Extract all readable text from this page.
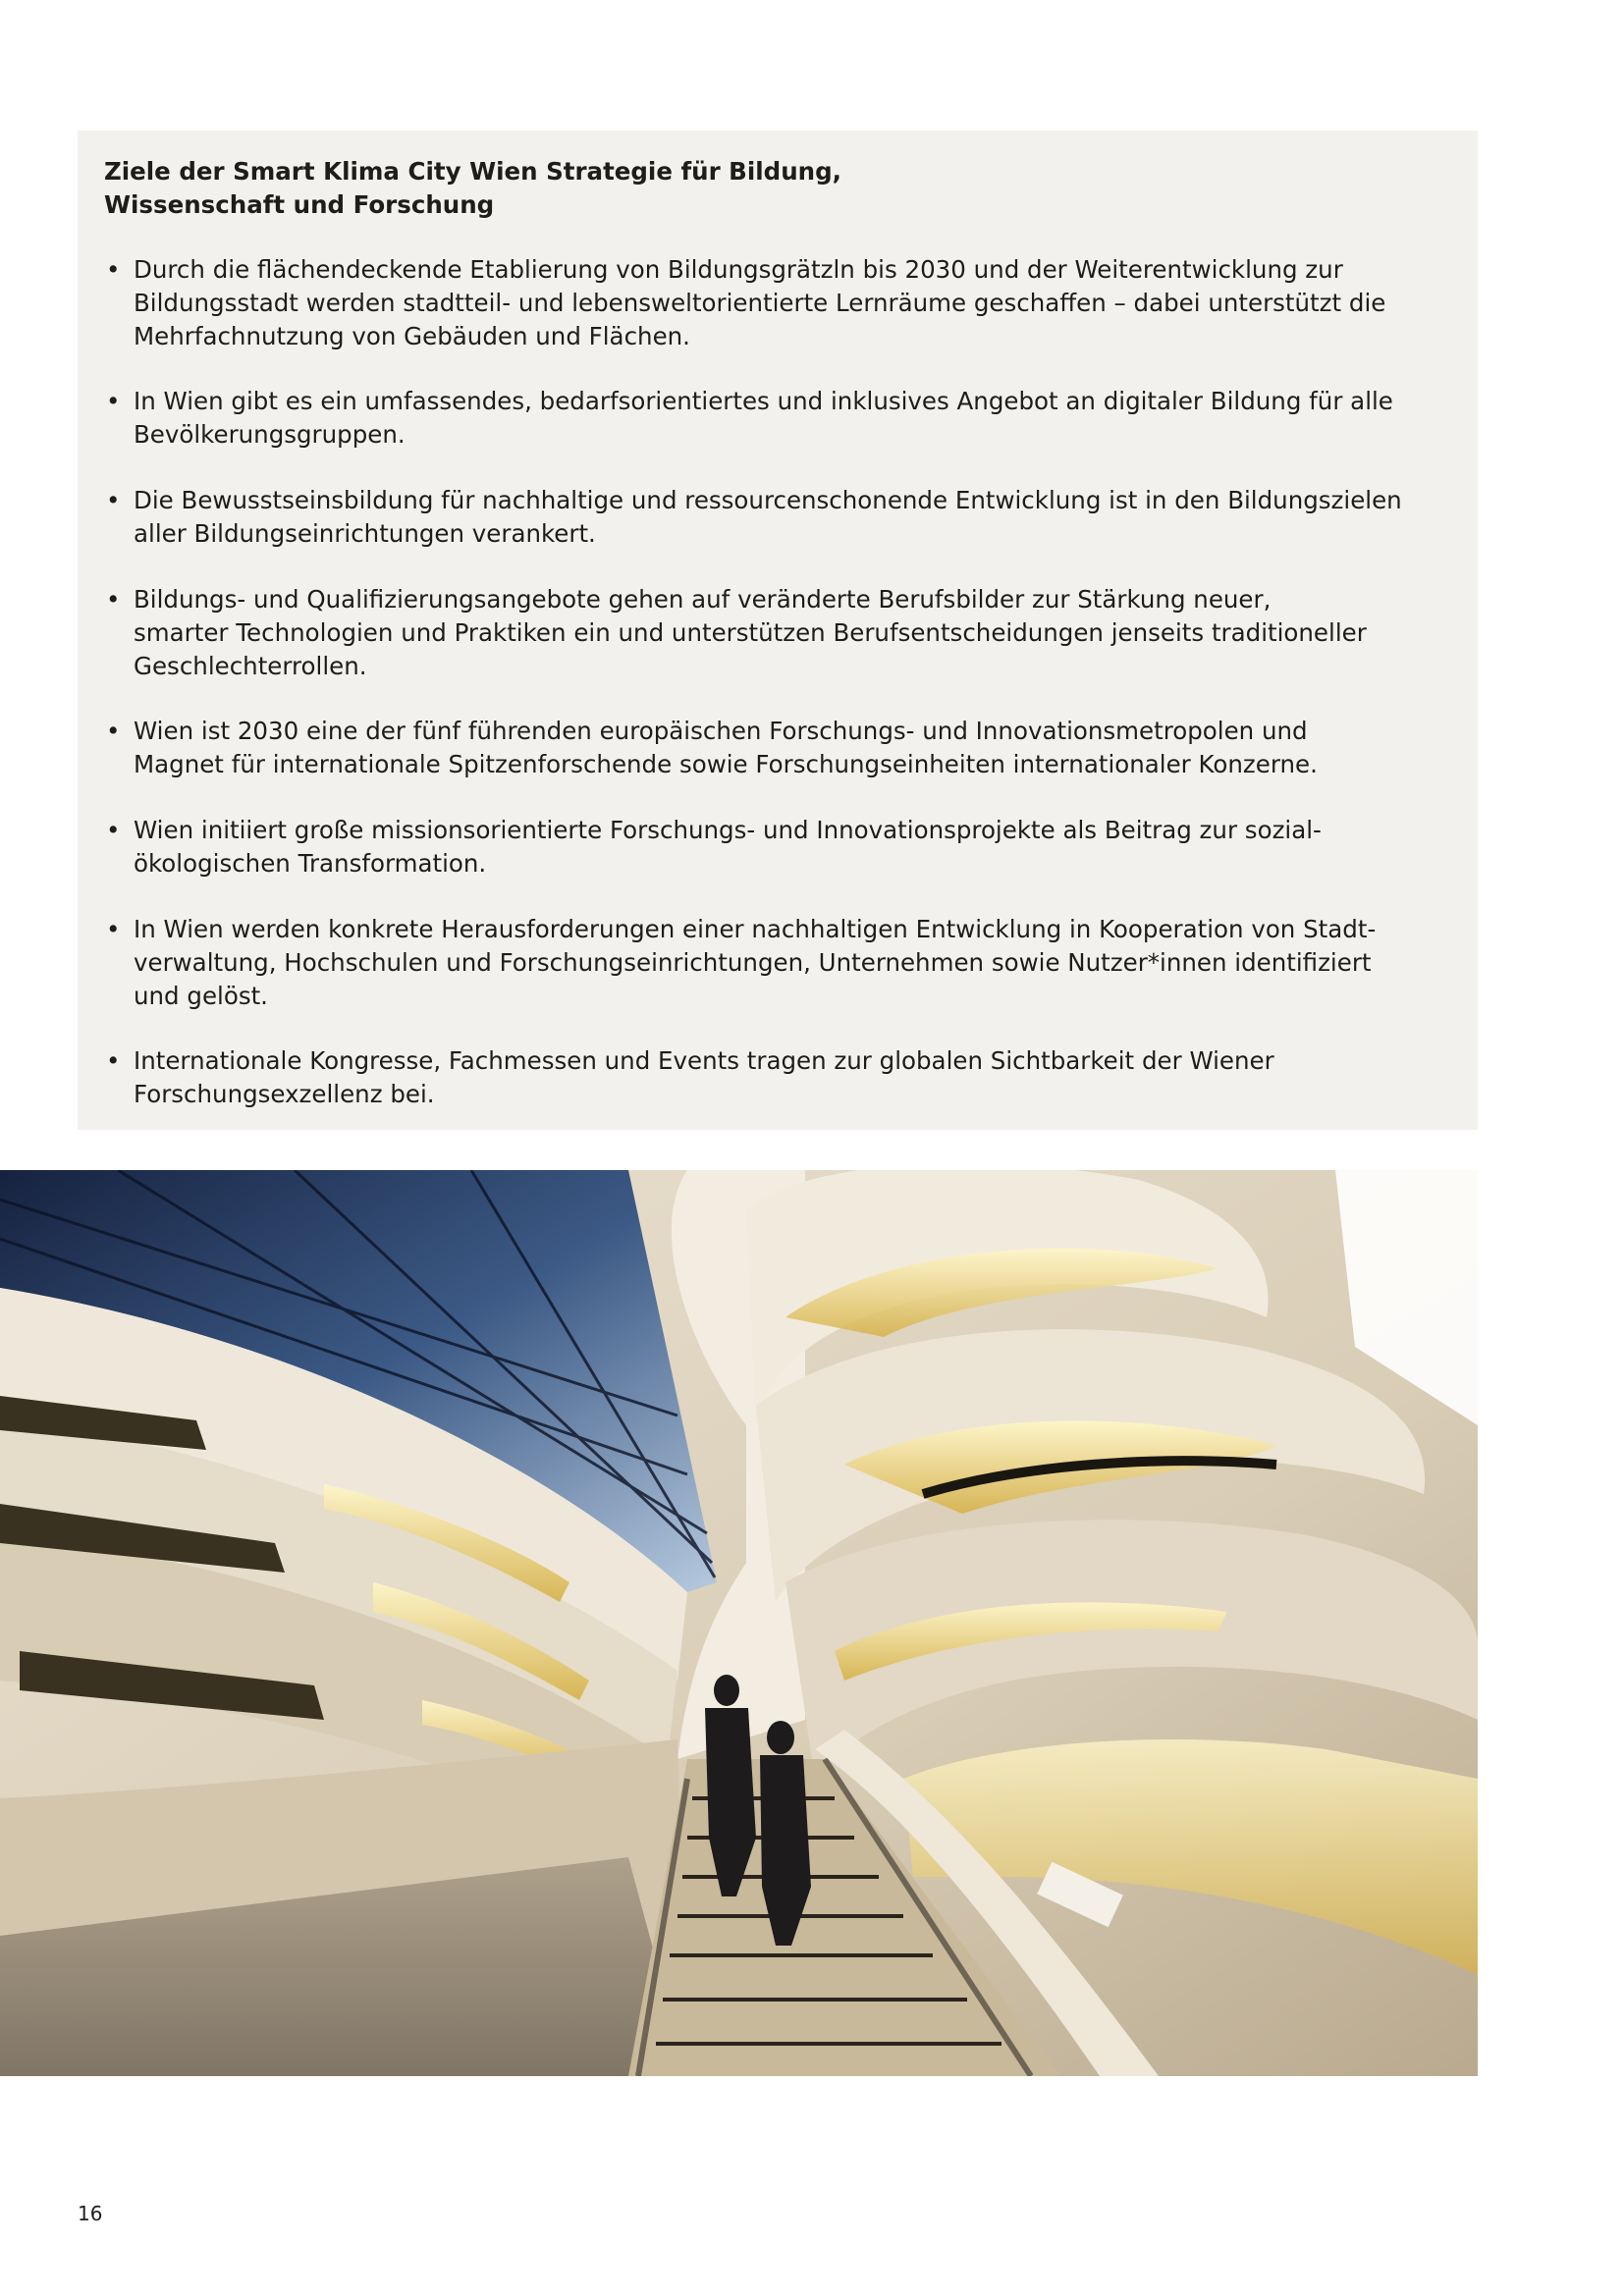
Ziele der Smart Klima City Wien Strategie für Bildung,
Wissenschaft und Forschung
• Durch die flächendeckende Etablierung von Bildungsgrätzln bis 2030 und der Weiterentwicklung zur
Bildungsstadt werden stadtteil- und lebensweltorientierte Lernräume geschaffen – dabei unterstützt die
Mehrfachnutzung von Gebäuden und Flächen.
• In Wien gibt es ein umfassendes, bedarfsorientiertes und inklusives Angebot an digitaler Bildung für alle
Bevölkerungsgruppen.
• Die Bewusstseinsbildung für nachhaltige und ressourcenschonende Entwicklung ist in den Bildungszielen
aller Bildungseinrichtungen verankert.
• Bildungs- und Qualifizierungsangebote gehen auf veränderte Berufsbilder zur Stärkung neuer,
smarter Technologien und Praktiken ein und unterstützen Berufsentscheidungen jenseits traditioneller
Geschlechterrollen.
• Wien ist 2030 eine der fünf führenden europäischen Forschungs- und Innovationsmetropolen und
Magnet für internationale Spitzenforschende sowie Forschungseinheiten internationaler Konzerne.
• Wien initiiert große missionsorientierte Forschungs- und Innovationsprojekte als Beitrag zur sozial-
ökologischen Transformation.
• In Wien werden konkrete Herausforderungen einer nachhaltigen Entwicklung in Kooperation von Stadt-
verwaltung, Hochschulen und Forschungseinrichtungen, Unternehmen sowie Nutzer*innen identifiziert
und gelöst.
• Internationale Kongresse, Fachmessen und Events tragen zur globalen Sichtbarkeit der Wiener
Forschungsexzellenz bei.
16
